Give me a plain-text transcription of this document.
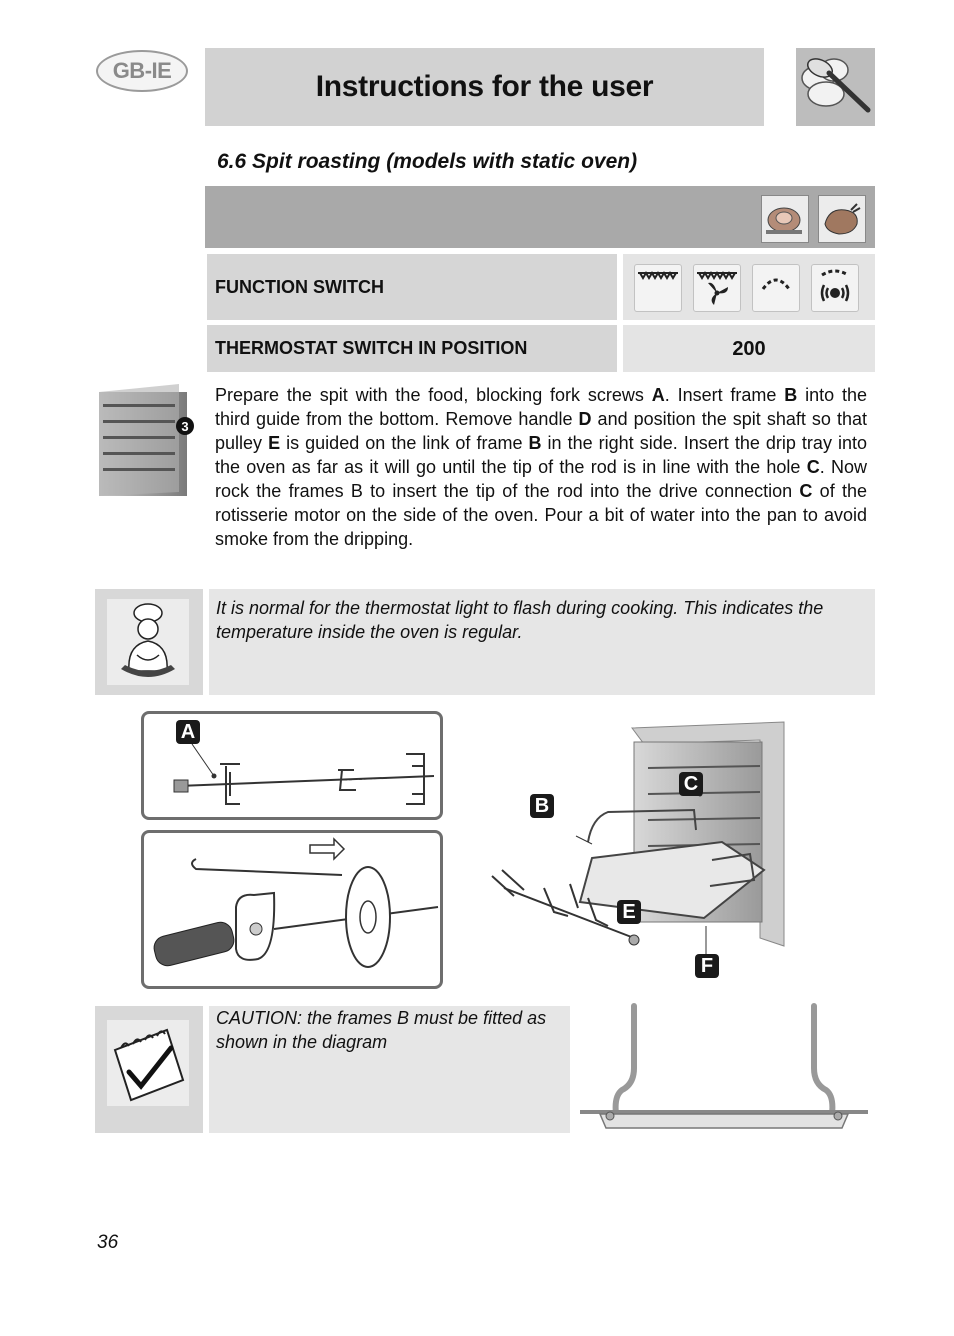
GB-IE	Instructions for the user
6.6 Spit roasting (models with static oven)
FUNCTION SWITCH
THERMOSTAT SWITCH IN POSITION	200
3
Prepare the spit with the food, blocking fork screws A. Insert frame B into the third guide from the bottom. Remove handle D and position the spit shaft so that pulley E is guided on the link of frame B in the right side. Insert the drip tray into the oven as far as it will go until the tip of the rod is in line with the hole C. Now rock the frames B to insert the tip of the rod into the drive connection C of the rotisserie motor on the side of the oven. Pour a bit of water into the pan to avoid smoke from the dripping.
It is normal for the thermostat light to flash during cooking. This indicates the temperature inside the oven is regular.
A
C
B
E
F
CAUTION: the frames B must be fitted as shown in the diagram
36
